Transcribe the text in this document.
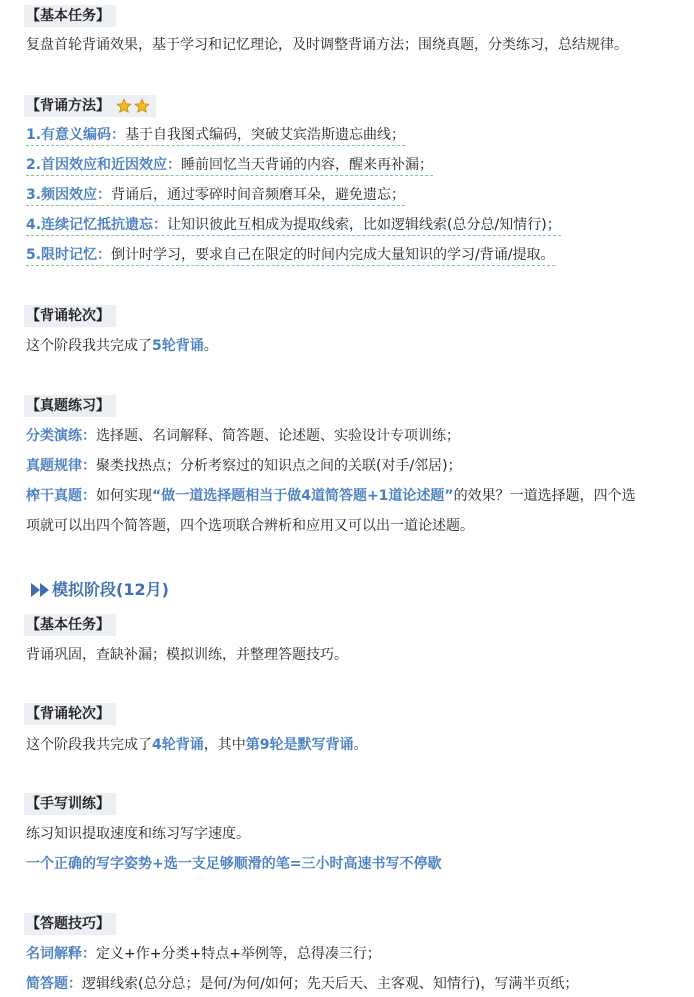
【基本任务】
复盘首轮背诵效果，基于学习和记忆理论，及时调整背诵方法；围绕真题，分类练习，总结规律。
【背诵方法】
1.有意义编码：基于自我图式编码，突破艾宾浩斯遗忘曲线；
2.首因效应和近因效应：睡前回忆当天背诵的内容，醒来再补漏；
3.频因效应：背诵后，通过零碎时间音频磨耳朵，避免遗忘；
4.连续记忆抵抗遗忘：让知识彼此互相成为提取线索，比如逻辑线索(总分总/知情行)；
5.限时记忆：倒计时学习，要求自己在限定的时间内完成大量知识的学习/背诵/提取。
【背诵轮次】
这个阶段我共完成了5轮背诵。
【真题练习】
分类演练：选择题、名词解释、简答题、论述题、实验设计专项训练；
真题规律：聚类找热点；分析考察过的知识点之间的关联(对手/邻居)；
榨干真题：如何实现“做一道选择题相当于做4道简答题+1道论述题”的效果？一道选择题，四个选
项就可以出四个简答题，四个选项联合辨析和应用又可以出一道论述题。
模拟阶段(12月)
【基本任务】
背诵巩固，查缺补漏；模拟训练，并整理答题技巧。
【背诵轮次】
这个阶段我共完成了4轮背诵，其中第9轮是默写背诵。
【手写训练】
练习知识提取速度和练习写字速度。
一个正确的写字姿势+选一支足够顺滑的笔=三小时高速书写不停歇
【答题技巧】
名词解释：定义+作+分类+特点+举例等，总得凑三行；
简答题：逻辑线索(总分总；是何/为何/如何；先天后天、主客观、知情行)，写满半页纸；
